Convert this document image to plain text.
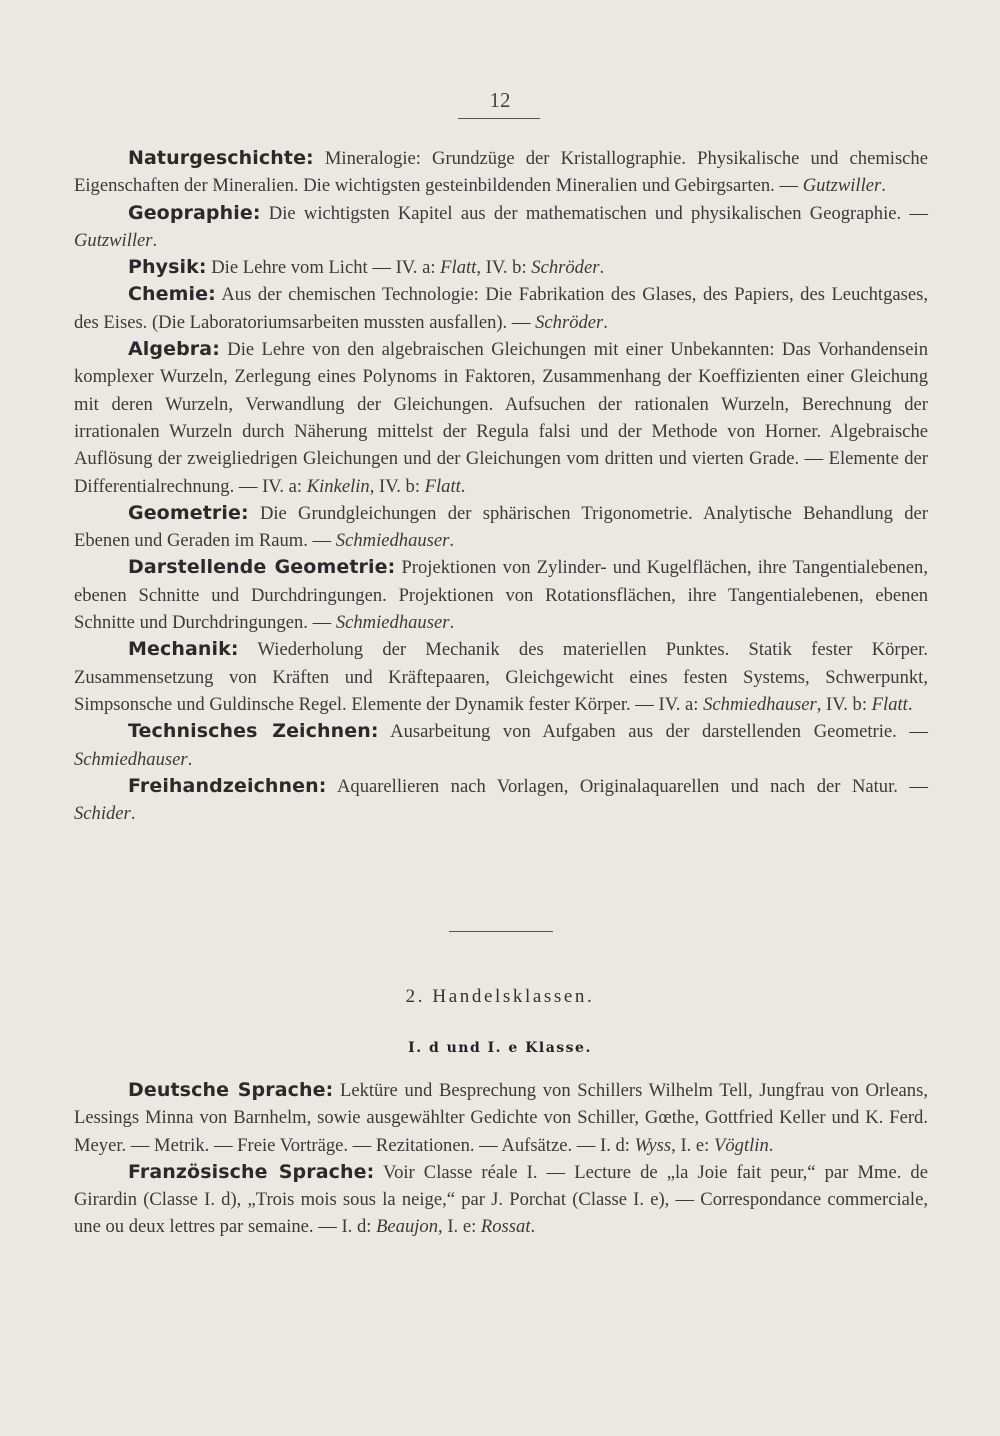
12

Naturgeschichte: Mineralogie: Grundzüge der Kristallographie. Physikalische und chemische Eigenschaften der Mineralien. Die wichtigsten gesteinbildenden Mineralien und Gebirgsarten. — Gutzwiller.

Geopraphie: Die wichtigsten Kapitel aus der mathematischen und physikalischen Geographie. — Gutzwiller.

Physik: Die Lehre vom Licht — IV. a: Flatt, IV. b: Schröder.

Chemie: Aus der chemischen Technologie: Die Fabrikation des Glases, des Papiers, des Leuchtgases, des Eises. (Die Laboratoriumsarbeiten mussten ausfallen). — Schröder.

Algebra: Die Lehre von den algebraischen Gleichungen mit einer Unbekannten: Das Vorhandensein komplexer Wurzeln, Zerlegung eines Polynoms in Faktoren, Zusammenhang der Koeffizienten einer Gleichung mit deren Wurzeln, Verwandlung der Gleichungen. Aufsuchen der rationalen Wurzeln, Berechnung der irrationalen Wurzeln durch Näherung mittelst der Regula falsi und der Methode von Horner. Algebraische Auflösung der zweigliedrigen Gleichungen und der Gleichungen vom dritten und vierten Grade. — Elemente der Differentialrechnung. — IV. a: Kinkelin, IV. b: Flatt.

Geometrie: Die Grundgleichungen der sphärischen Trigonometrie. Analytische Behandlung der Ebenen und Geraden im Raum. — Schmiedhauser.

Darstellende Geometrie: Projektionen von Zylinder- und Kugelflächen, ihre Tangentialebenen, ebenen Schnitte und Durchdringungen. Projektionen von Rotationsflächen, ihre Tangentialebenen, ebenen Schnitte und Durchdringungen. — Schmiedhauser.

Mechanik: Wiederholung der Mechanik des materiellen Punktes. Statik fester Körper. Zusammensetzung von Kräften und Kräftepaaren, Gleichgewicht eines festen Systems, Schwerpunkt, Simpsonsche und Guldinsche Regel. Elemente der Dynamik fester Körper. — IV. a: Schmiedhauser, IV. b: Flatt.

Technisches Zeichnen: Ausarbeitung von Aufgaben aus der darstellenden Geometrie. — Schmiedhauser.

Freihandzeichnen: Aquarellieren nach Vorlagen, Originalaquarellen und nach der Natur. — Schider.

2. Handelsklassen.
I. d und I. e Klasse.

Deutsche Sprache: Lektüre und Besprechung von Schillers Wilhelm Tell, Jungfrau von Orleans, Lessings Minna von Barnhelm, sowie ausgewählter Gedichte von Schiller, Gœthe, Gottfried Keller und K. Ferd. Meyer. — Metrik. — Freie Vorträge. — Rezitationen. — Aufsätze. — I. d: Wyss, I. e: Vögtlin.

Französische Sprache: Voir Classe réale I. — Lecture de „la Joie fait peur,“ par Mme. de Girardin (Classe I. d), „Trois mois sous la neige,“ par J. Porchat (Classe I. e), — Correspondance commerciale, une ou deux lettres par semaine. — I. d: Beaujon, I. e: Rossat.
